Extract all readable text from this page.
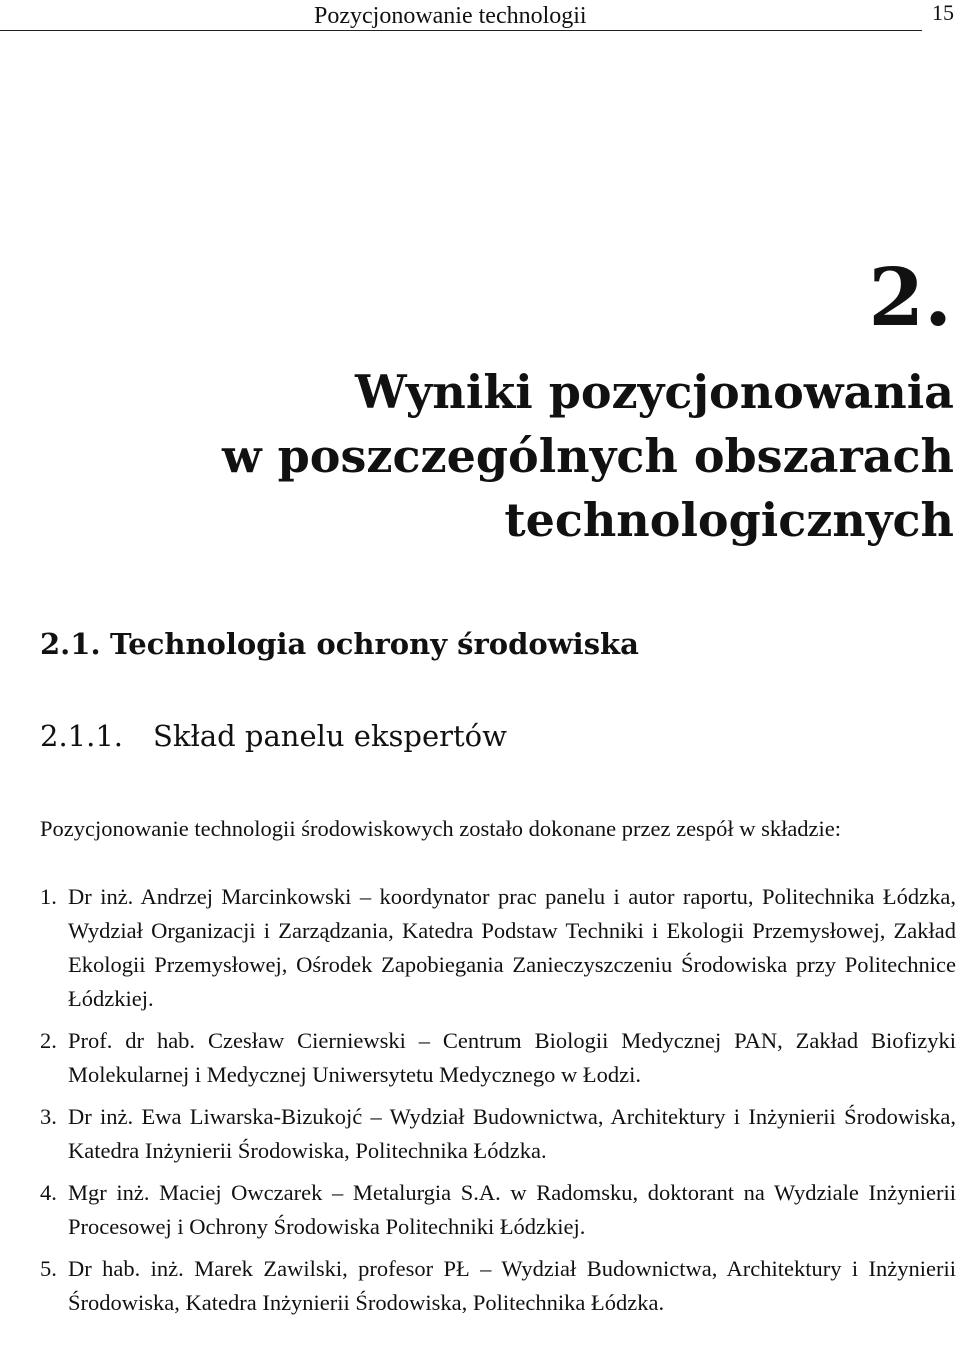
Pozycjonowanie technologii	15
2.
Wyniki pozycjonowania
w poszczególnych obszarach
technologicznych
2.1. Technologia ochrony środowiska
2.1.1. Skład panelu ekspertów

Pozycjonowanie technologii środowiskowych zostało dokonane przez zespół w składzie:

1. Dr inż. Andrzej Marcinkowski – koordynator prac panelu i autor raportu, Politechnika Łódzka, Wydział Organizacji i Zarządzania, Katedra Podstaw Techniki i Ekologii Przemysłowej, Zakład Ekologii Przemysłowej, Ośrodek Zapobiegania Zanieczyszczeniu Środowiska przy Politechnice Łódzkiej.
2. Prof. dr hab. Czesław Cierniewski – Centrum Biologii Medycznej PAN, Zakład Biofizyki Molekularnej i Medycznej Uniwersytetu Medycznego w Łodzi.
3. Dr inż. Ewa Liwarska-Bizukojć – Wydział Budownictwa, Architektury i Inżynierii Środowiska, Katedra Inżynierii Środowiska, Politechnika Łódzka.
4. Mgr inż. Maciej Owczarek – Metalurgia S.A. w Radomsku, doktorant na Wydziale Inżynierii Procesowej i Ochrony Środowiska Politechniki Łódzkiej.
5. Dr hab. inż. Marek Zawilski, profesor PŁ – Wydział Budownictwa, Architektury i Inżynierii Środowiska, Katedra Inżynierii Środowiska, Politechnika Łódzka.
